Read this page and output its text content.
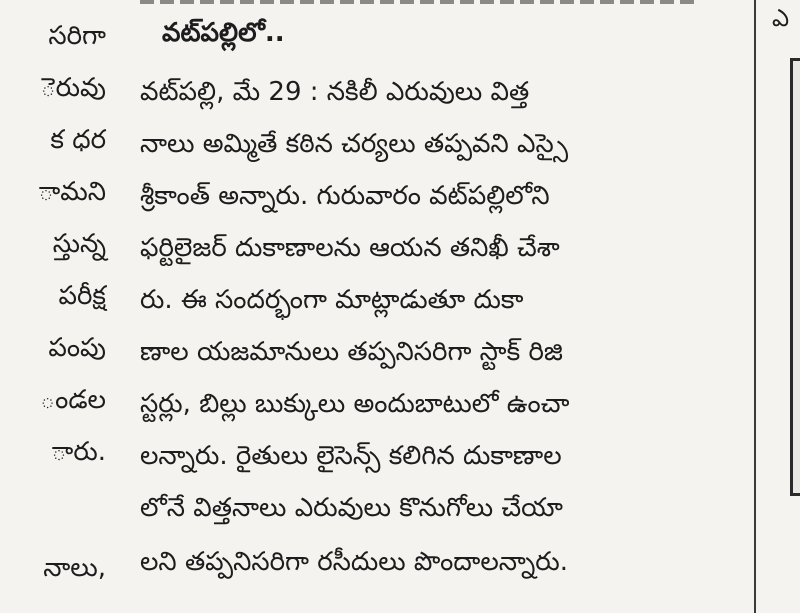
సరిగా
ెరువు
క ధర
ామని
స్తున్న
పరీక్ష
పంపు
ండల
ారు.
నాలు,
వట్‌పల్లిలో..
వట్‌పల్లి, మే 29 : నకిలీ ఎరువులు విత్త
నాలు అమ్మితే కఠిన చర్యలు తప్పవని ఎస్సై
శ్రీకాంత్ అన్నారు. గురువారం వట్‌పల్లిలోని
ఫర్టిలైజర్ దుకాణాలను ఆయన తనిఖీ చేశా
రు. ఈ సందర్భంగా మాట్లాడుతూ దుకా
ణాల యజమానులు తప్పనిసరిగా స్టాక్ రిజి
స్టర్లు, బిల్లు బుక్కులు అందుబాటులో ఉంచా
లన్నారు. రైతులు లైసెన్స్ కలిగిన దుకాణాల
లోనే విత్తనాలు ఎరువులు కొనుగోలు చేయా
లని తప్పనిసరిగా రసీదులు పొందాలన్నారు.
ఎ
